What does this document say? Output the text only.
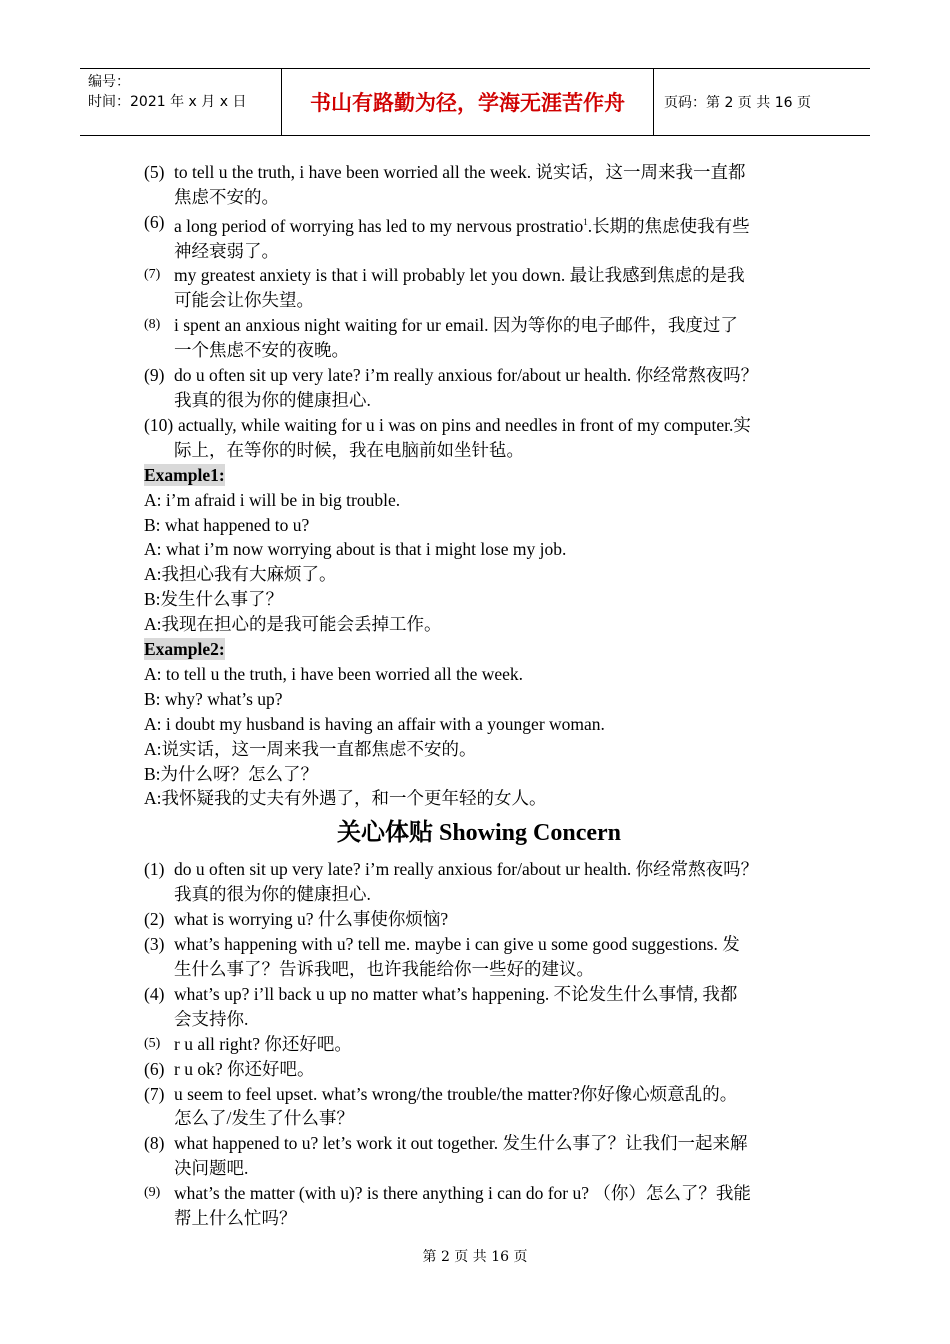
编号：
时间：2021 年 x 月 x 日	书山有路勤为径，学海无涯苦作舟	页码：第 2 页 共 16 页
(5) to tell u the truth, i have been worried all the week. 说实话，这一周来我一直都
焦虑不安的。
(6) a long period of worrying has led to my nervous prostratio$^1$.长期的焦虑使我有些
神经衰弱了。
(7) my greatest anxiety is that i will probably let you down. 最让我感到焦虑的是我
可能会让你失望。
(8) i spent an anxious night waiting for ur email. 因为等你的电子邮件，我度过了
一个焦虑不安的夜晚。
(9) do u often sit up very late? i’m really anxious for/about ur health. 你经常熬夜吗？
我真的很为你的健康担心.
(10) actually, while waiting for u i was on pins and needles in front of my computer.实
际上，在等你的时候，我在电脑前如坐针毡。
Example1:
A: i’m afraid i will be in big trouble.
B: what happened to u?
A: what i’m now worrying about is that i might lose my job.
A:我担心我有大麻烦了。
B:发生什么事了？
A:我现在担心的是我可能会丢掉工作。
Example2:
A: to tell u the truth, i have been worried all the week.
B: why? what’s up?
A: i doubt my husband is having an affair with a younger woman.
A:说实话，这一周来我一直都焦虑不安的。
B:为什么呀？怎么了？
A:我怀疑我的丈夫有外遇了，和一个更年轻的女人。
关心体贴 Showing Concern
(1) do u often sit up very late? i’m really anxious for/about ur health. 你经常熬夜吗？
我真的很为你的健康担心.
(2) what is worrying u? 什么事使你烦恼?
(3) what’s happening with u? tell me. maybe i can give u some good suggestions. 发
生什么事了？告诉我吧，也许我能给你一些好的建议。
(4) what’s up? i’ll back u up no matter what’s happening. 不论发生什么事情, 我都
会支持你.
(5) r u all right? 你还好吧。
(6) r u ok? 你还好吧。
(7) u seem to feel upset. what’s wrong/the trouble/the matter?你好像心烦意乱的。
怎么了/发生了什么事？
(8) what happened to u? let’s work it out together. 发生什么事了？让我们一起来解
决问题吧.
(9) what’s the matter (with u)? is there anything i can do for u? （你）怎么了？我能
帮上什么忙吗？
第 2 页 共 16 页
